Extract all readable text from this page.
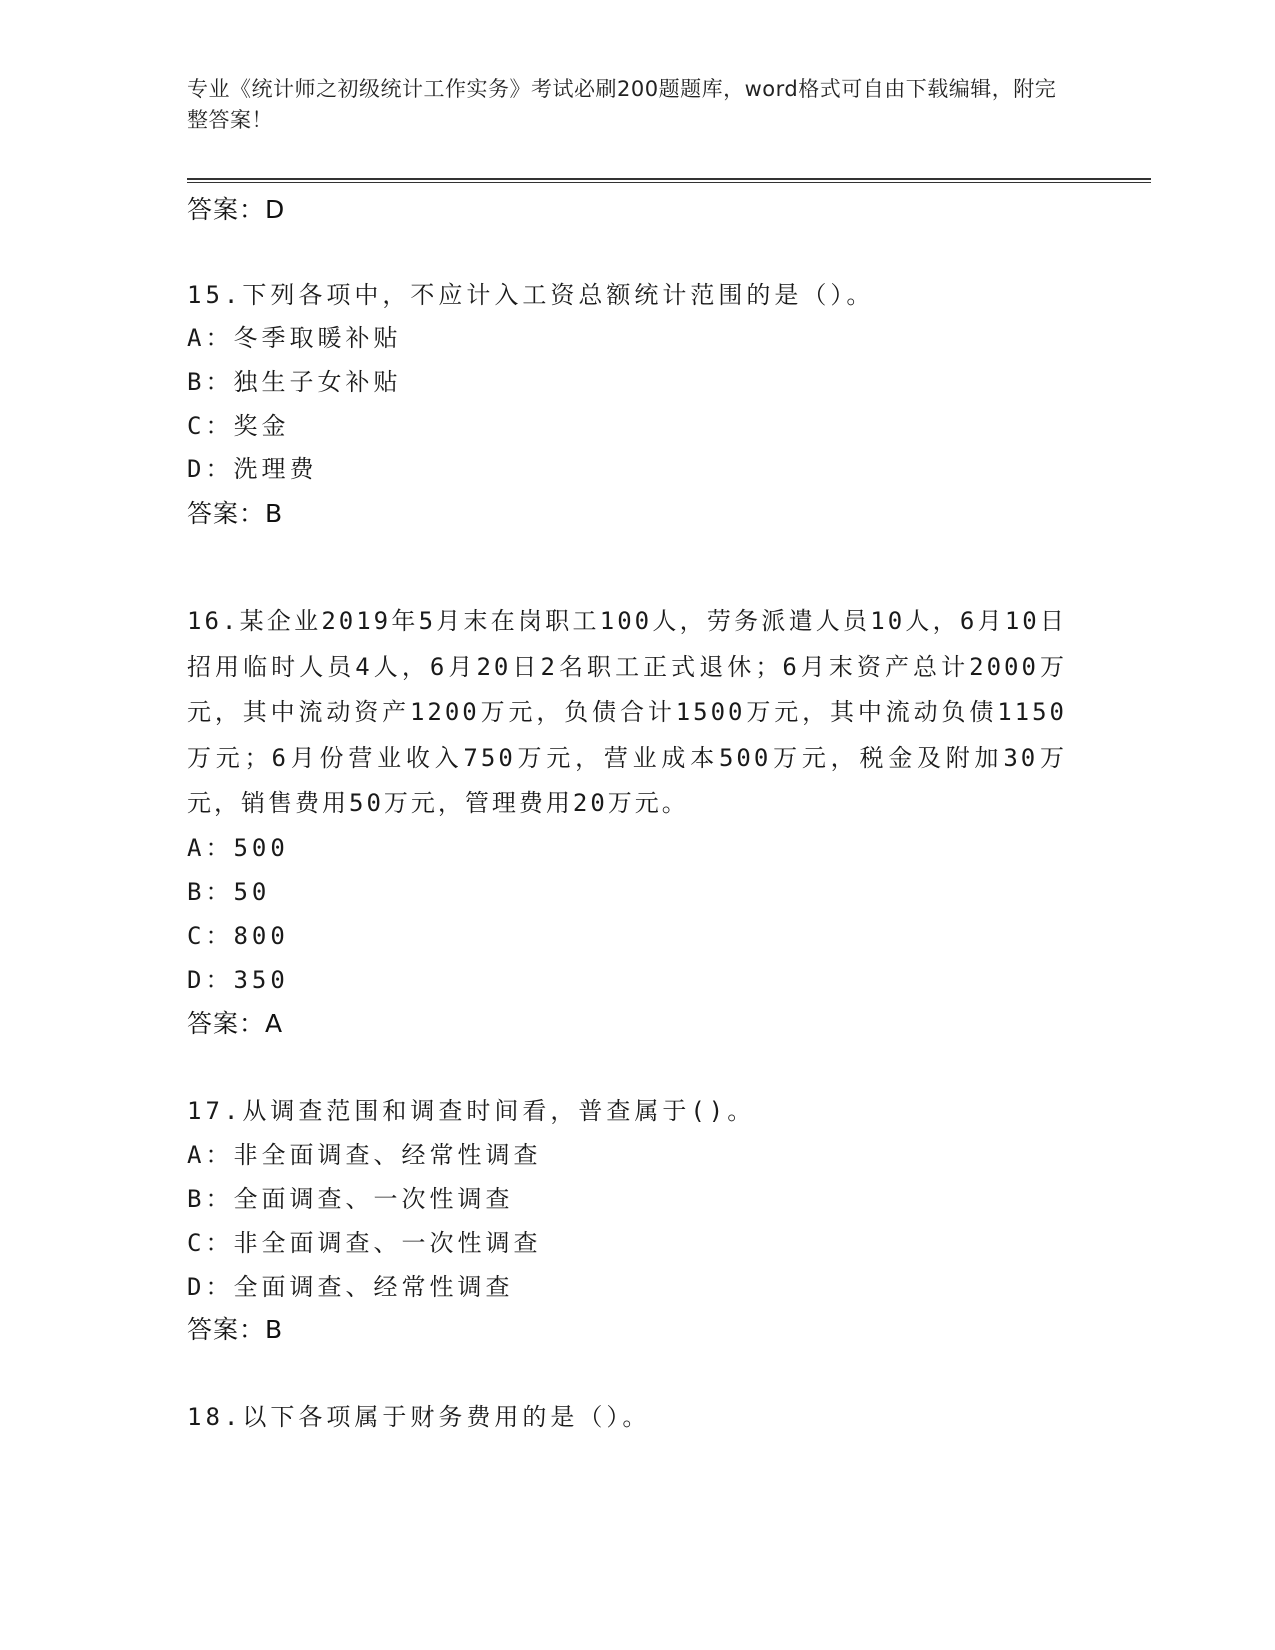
专业《统计师之初级统计工作实务》考试必刷200题题库，word格式可自由下载编辑，附完整答案！
答案：D
15.下列各项中，不应计入工资总额统计范围的是（）。
A：冬季取暖补贴
B：独生子女补贴
C：奖金
D：洗理费
答案：B
16.某企业2019年5月末在岗职工100人，劳务派遣人员10人，6月10日招用临时人员4人，6月20日2名职工正式退休；6月末资产总计2000万元，其中流动资产1200万元，负债合计1500万元，其中流动负债1150万元；6月份营业收入750万元，营业成本500万元，税金及附加30万元，销售费用50万元，管理费用20万元。
A：500
B：50
C：800
D：350
答案：A
17.从调查范围和调查时间看，普查属于()。
A：非全面调查、经常性调查
B：全面调查、一次性调查
C：非全面调查、一次性调查
D：全面调查、经常性调查
答案：B
18.以下各项属于财务费用的是（）。
